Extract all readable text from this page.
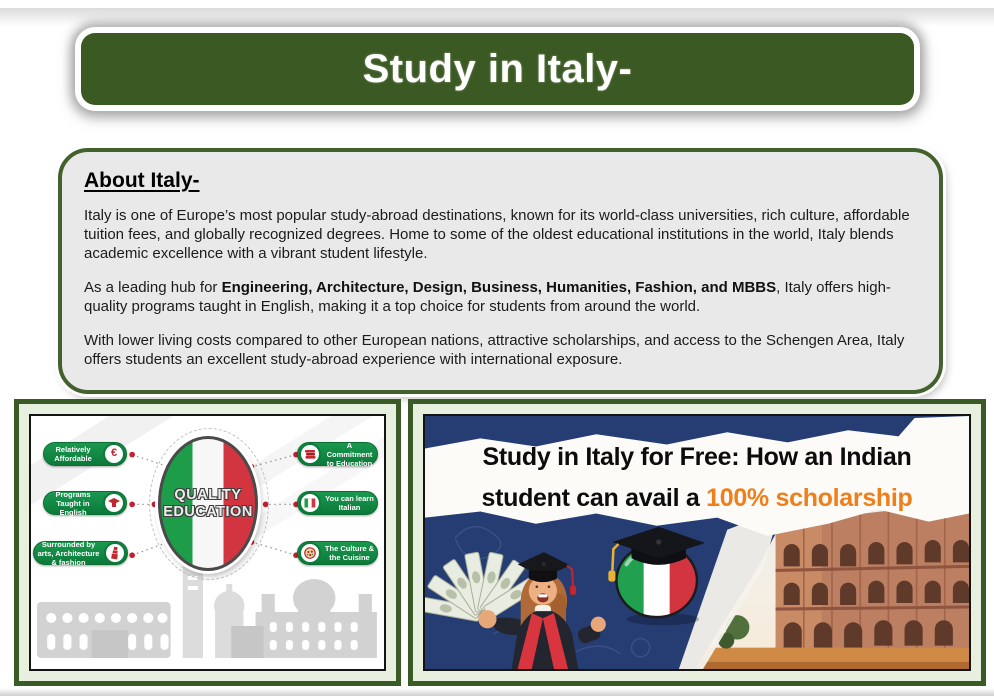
Study in Italy-
About Italy-

Italy is one of Europe’s most popular study-abroad destinations, known for its world-class universities, rich culture, affordable tuition fees, and globally recognized degrees. Home to some of the oldest educational institutions in the world, Italy blends academic excellence with a vibrant student lifestyle.

As a leading hub for Engineering, Architecture, Design, Business, Humanities, Fashion, and MBBS, Italy offers high-quality programs taught in English, making it a top choice for students from around the world.

With lower living costs compared to other European nations, attractive scholarships, and access to the Schengen Area, Italy offers students an excellent study-abroad experience with international exposure.

QUALITY
EDUCATION
Relatively Affordable	€
Programs Taught in English
Surrounded by arts, Architecture & fashion
A Commitment to Education
You can learn Italian
The Culture & the Cuisine
Study in Italy for Free: How an Indian
student can avail a 100% scholarship
